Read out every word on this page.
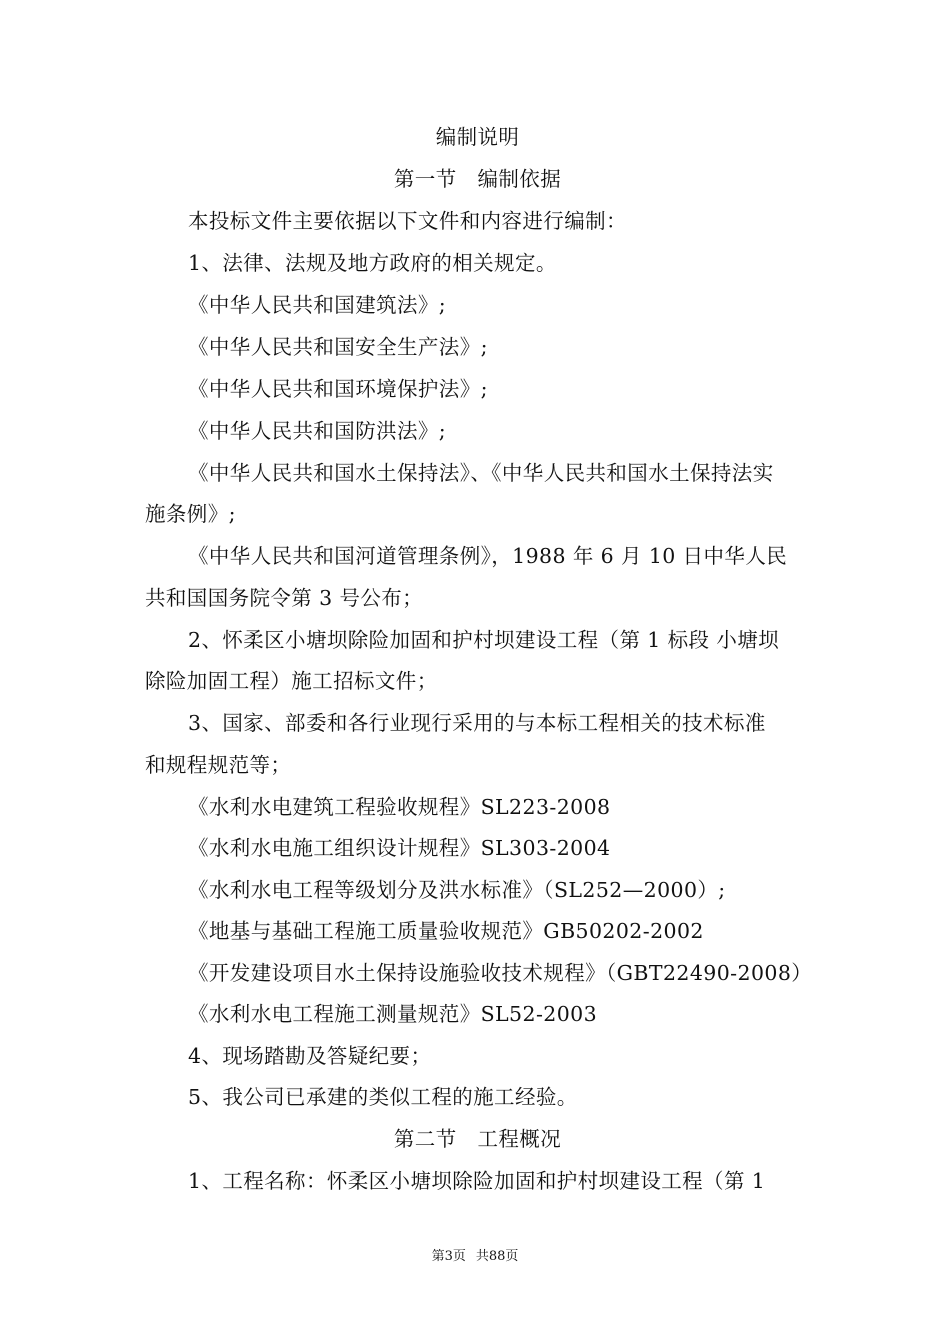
编制说明
第一节　编制依据
本投标文件主要依据以下文件和内容进行编制：
1、法律、法规及地方政府的相关规定。
《中华人民共和国建筑法》;
《中华人民共和国安全生产法》;
《中华人民共和国环境保护法》;
《中华人民共和国防洪法》;
《中华人民共和国水土保持法》、《中华人民共和国水土保持法实
施条例》;
《中华人民共和国河道管理条例》，1988 年 6 月 10 日中华人民
共和国国务院令第 3 号公布；
2、怀柔区小塘坝除险加固和护村坝建设工程（第 1 标段 小塘坝
除险加固工程）施工招标文件；
3、国家、部委和各行业现行采用的与本标工程相关的技术标准
和规程规范等；
《水利水电建筑工程验收规程》SL223-2008
《水利水电施工组织设计规程》SL303-2004
《水利水电工程等级划分及洪水标准》（SL252—2000）;
《地基与基础工程施工质量验收规范》GB50202-2002
《开发建设项目水土保持设施验收技术规程》（GBT22490-2008）
《水利水电工程施工测量规范》SL52-2003
4、现场踏勘及答疑纪要；
5、我公司已承建的类似工程的施工经验。
第二节　工程概况
1、工程名称：怀柔区小塘坝除险加固和护村坝建设工程（第 1
第3页 共88页
